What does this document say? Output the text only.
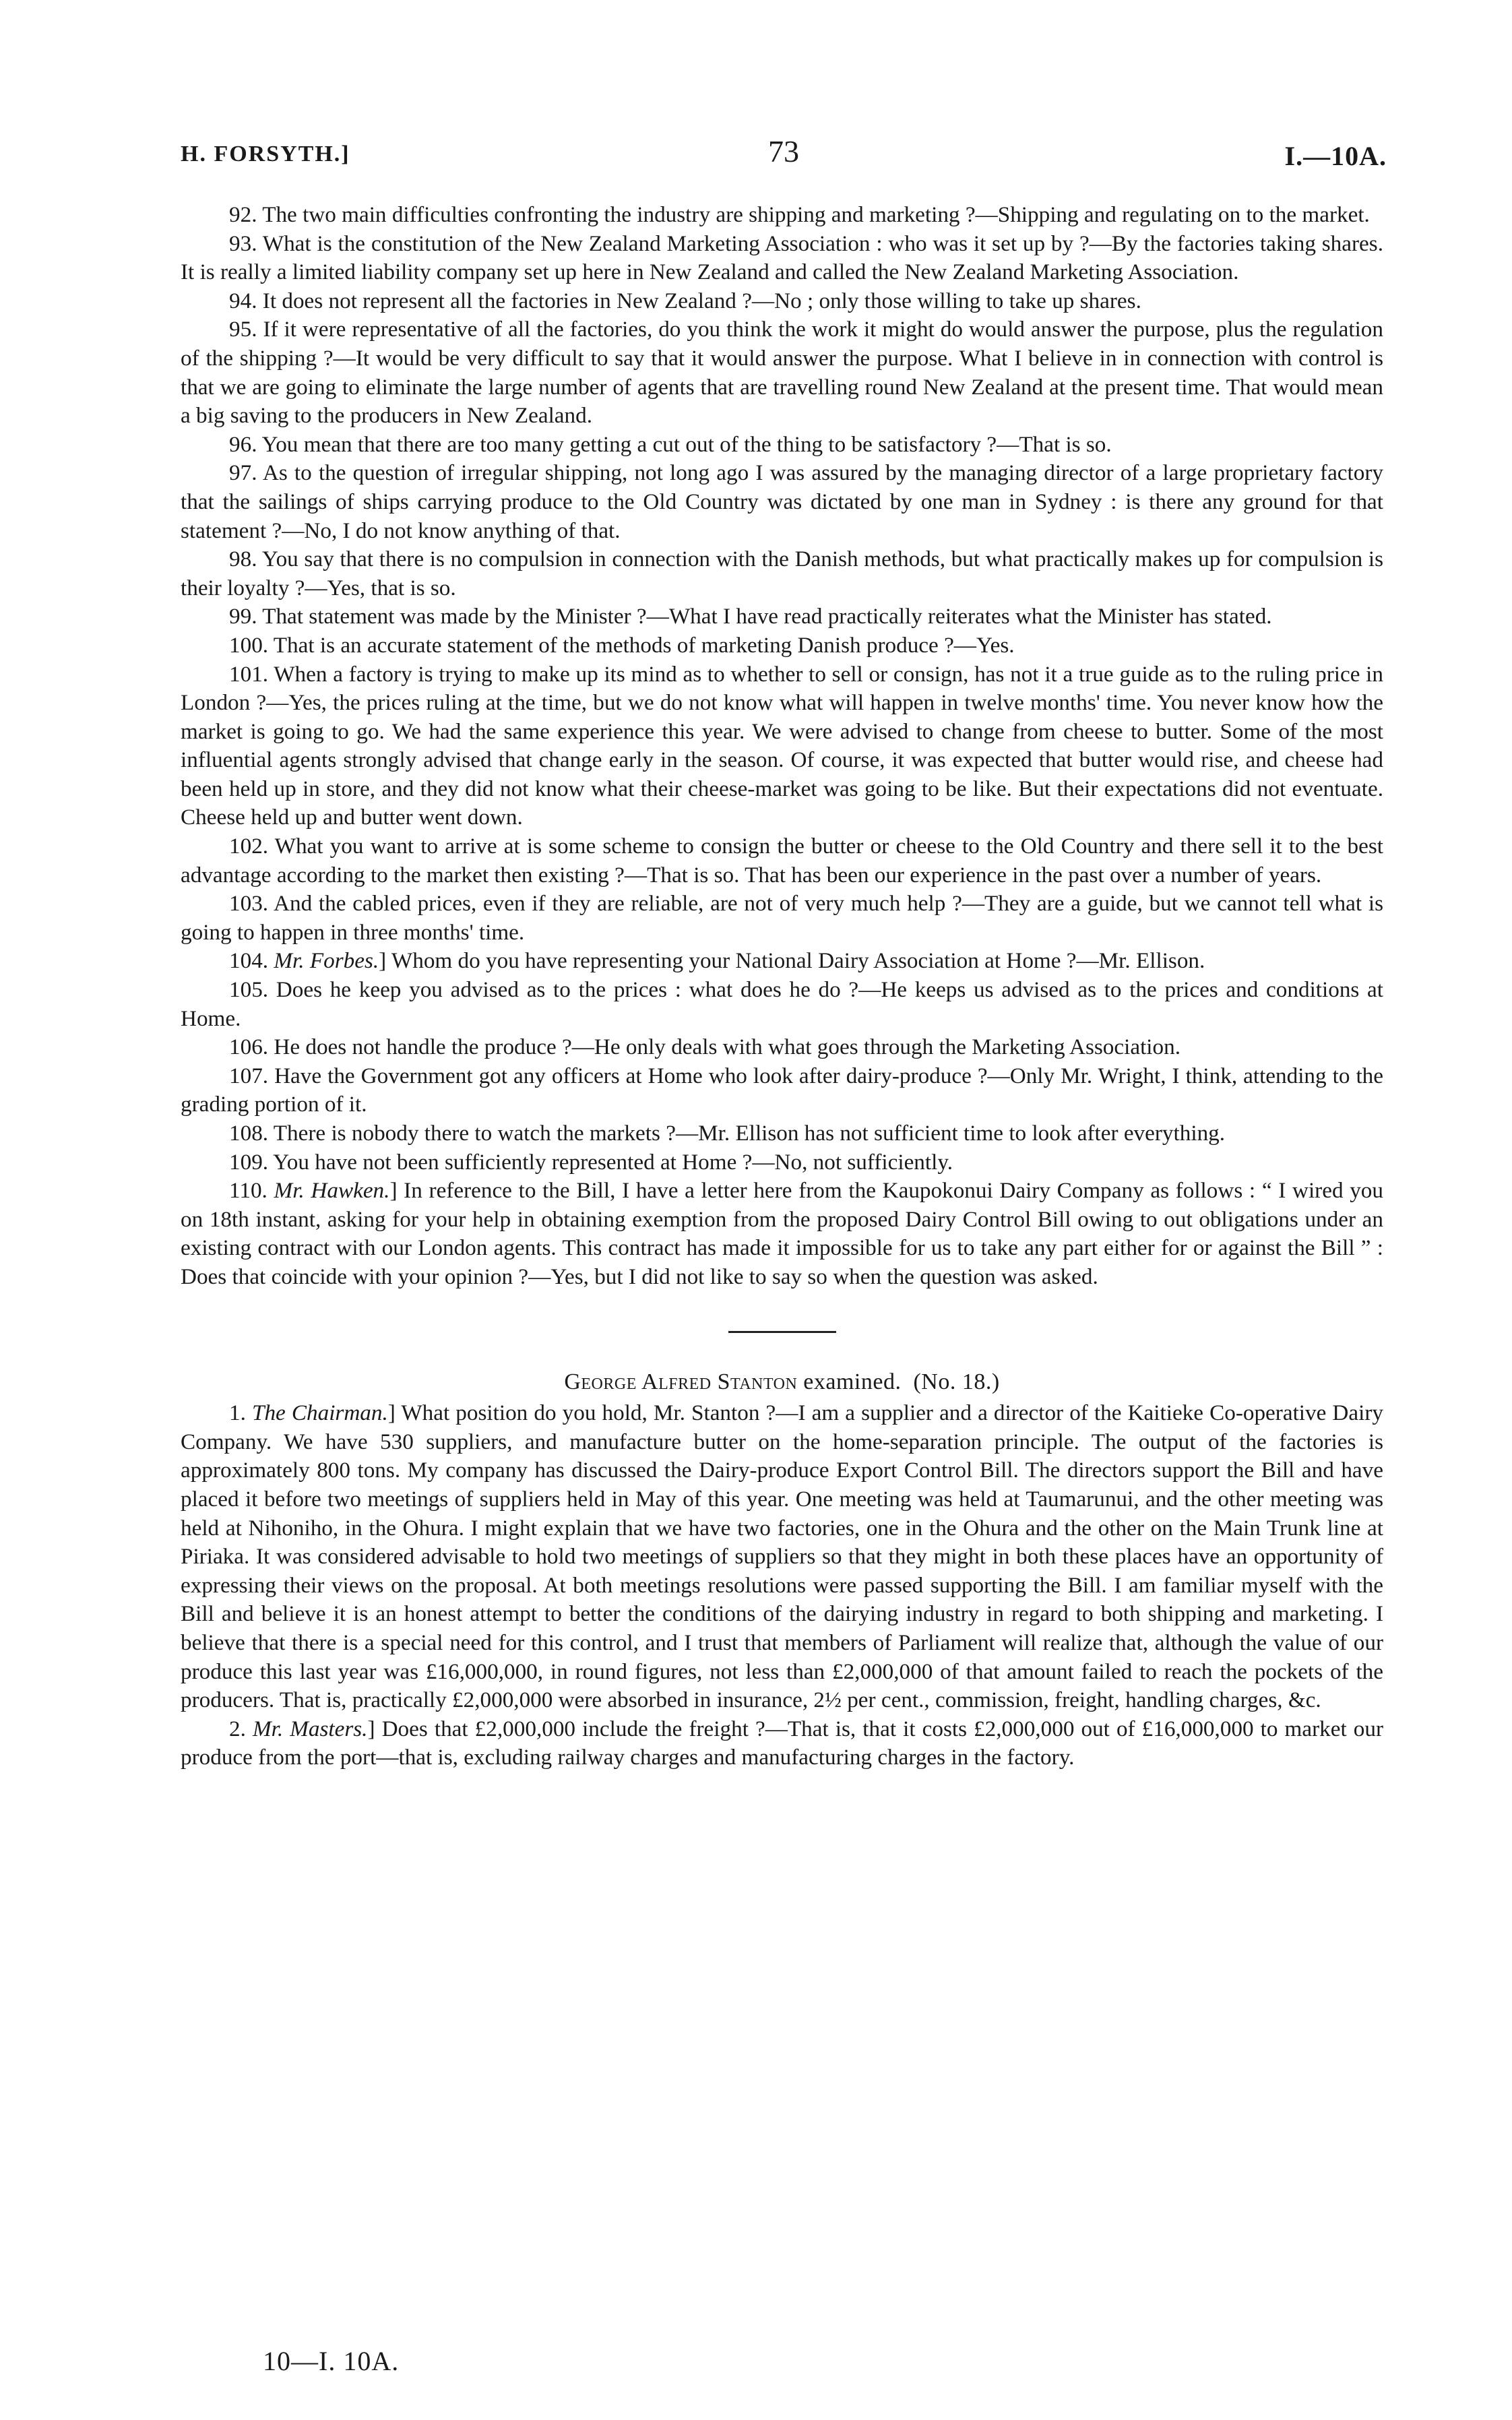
H. FORSYTH.]	73	I.—10A.

92. The two main difficulties confronting the industry are shipping and marketing ?—Shipping and regulating on to the market.

93. What is the constitution of the New Zealand Marketing Association : who was it set up by ?—By the factories taking shares. It is really a limited liability company set up here in New Zealand and called the New Zealand Marketing Association.

94. It does not represent all the factories in New Zealand ?—No ; only those willing to take up shares.

95. If it were representative of all the factories, do you think the work it might do would answer the purpose, plus the regulation of the shipping ?—It would be very difficult to say that it would answer the purpose. What I believe in in connection with control is that we are going to eliminate the large number of agents that are travelling round New Zealand at the present time. That would mean a big saving to the producers in New Zealand.

96. You mean that there are too many getting a cut out of the thing to be satisfactory ?—That is so.

97. As to the question of irregular shipping, not long ago I was assured by the managing director of a large proprietary factory that the sailings of ships carrying produce to the Old Country was dictated by one man in Sydney : is there any ground for that statement ?—No, I do not know anything of that.

98. You say that there is no compulsion in connection with the Danish methods, but what practically makes up for compulsion is their loyalty ?—Yes, that is so.

99. That statement was made by the Minister ?—What I have read practically reiterates what the Minister has stated.

100. That is an accurate statement of the methods of marketing Danish produce ?—Yes.

101. When a factory is trying to make up its mind as to whether to sell or consign, has not it a true guide as to the ruling price in London ?—Yes, the prices ruling at the time, but we do not know what will happen in twelve months' time. You never know how the market is going to go. We had the same experience this year. We were advised to change from cheese to butter. Some of the most influential agents strongly advised that change early in the season. Of course, it was expected that butter would rise, and cheese had been held up in store, and they did not know what their cheese-market was going to be like. But their expectations did not eventuate. Cheese held up and butter went down.

102. What you want to arrive at is some scheme to consign the butter or cheese to the Old Country and there sell it to the best advantage according to the market then existing ?—That is so. That has been our experience in the past over a number of years.

103. And the cabled prices, even if they are reliable, are not of very much help ?—They are a guide, but we cannot tell what is going to happen in three months' time.

104. Mr. Forbes.] Whom do you have representing your National Dairy Association at Home ?—Mr. Ellison.

105. Does he keep you advised as to the prices : what does he do ?—He keeps us advised as to the prices and conditions at Home.

106. He does not handle the produce ?—He only deals with what goes through the Marketing Association.

107. Have the Government got any officers at Home who look after dairy-produce ?—Only Mr. Wright, I think, attending to the grading portion of it.

108. There is nobody there to watch the markets ?—Mr. Ellison has not sufficient time to look after everything.

109. You have not been sufficiently represented at Home ?—No, not sufficiently.

110. Mr. Hawken.] In reference to the Bill, I have a letter here from the Kaupokonui Dairy Company as follows : “ I wired you on 18th instant, asking for your help in obtaining exemption from the proposed Dairy Control Bill owing to out obligations under an existing contract with our London agents. This contract has made it impossible for us to take any part either for or against the Bill ” : Does that coincide with your opinion ?—Yes, but I did not like to say so when the question was asked.

George Alfred Stanton examined. (No. 18.)

1. The Chairman.] What position do you hold, Mr. Stanton ?—I am a supplier and a director of the Kaitieke Co-operative Dairy Company. We have 530 suppliers, and manufacture butter on the home-separation principle. The output of the factories is approximately 800 tons. My company has discussed the Dairy-produce Export Control Bill. The directors support the Bill and have placed it before two meetings of suppliers held in May of this year. One meeting was held at Taumarunui, and the other meeting was held at Nihoniho, in the Ohura. I might explain that we have two factories, one in the Ohura and the other on the Main Trunk line at Piriaka. It was considered advisable to hold two meetings of suppliers so that they might in both these places have an opportunity of expressing their views on the proposal. At both meetings resolutions were passed supporting the Bill. I am familiar myself with the Bill and believe it is an honest attempt to better the conditions of the dairying industry in regard to both shipping and marketing. I believe that there is a special need for this control, and I trust that members of Parliament will realize that, although the value of our produce this last year was £16,000,000, in round figures, not less than £2,000,000 of that amount failed to reach the pockets of the producers. That is, practically £2,000,000 were absorbed in insurance, 2½ per cent., commission, freight, handling charges, &c.

2. Mr. Masters.] Does that £2,000,000 include the freight ?—That is, that it costs £2,000,000 out of £16,000,000 to market our produce from the port—that is, excluding railway charges and manufacturing charges in the factory.

10—I. 10A.
